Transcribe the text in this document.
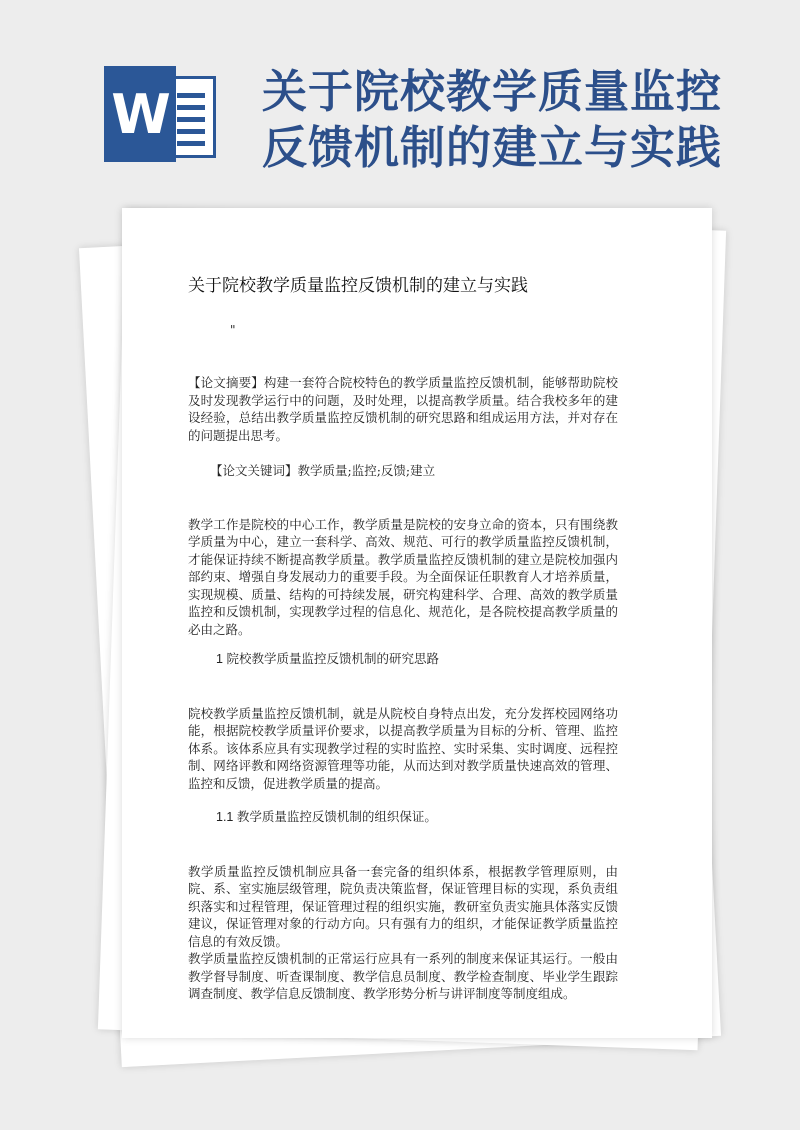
W 关于院校教学质量监控
反馈机制的建立与实践

关于院校教学质量监控反馈机制的建立与实践

"

【论文摘要】构建一套符合院校特色的教学质量监控反馈机制，能够帮助院校及时发现教学运行中的问题，及时处理，以提高教学质量。结合我校多年的建设经验，总结出教学质量监控反馈机制的研究思路和组成运用方法，并对存在的问题提出思考。

【论文关键词】教学质量;监控;反馈;建立

教学工作是院校的中心工作，教学质量是院校的安身立命的资本，只有围绕教学质量为中心，建立一套科学、高效、规范、可行的教学质量监控反馈机制，才能保证持续不断提高教学质量。教学质量监控反馈机制的建立是院校加强内部约束、增强自身发展动力的重要手段。为全面保证任职教育人才培养质量，实现规模、质量、结构的可持续发展，研究构建科学、合理、高效的教学质量监控和反馈机制，实现教学过程的信息化、规范化，是各院校提高教学质量的必由之路。

1 院校教学质量监控反馈机制的研究思路

院校教学质量监控反馈机制，就是从院校自身特点出发，充分发挥校园网络功能，根据院校教学质量评价要求，以提高教学质量为目标的分析、管理、监控体系。该体系应具有实现教学过程的实时监控、实时采集、实时调度、远程控制、网络评教和网络资源管理等功能，从而达到对教学质量快速高效的管理、监控和反馈，促进教学质量的提高。

1.1 教学质量监控反馈机制的组织保证。

教学质量监控反馈机制应具备一套完备的组织体系，根据教学管理原则，由院、系、室实施层级管理，院负责决策监督，保证管理目标的实现，系负责组织落实和过程管理，保证管理过程的组织实施，教研室负责实施具体落实反馈建议，保证管理对象的行动方向。只有强有力的组织，才能保证教学质量监控信息的有效反馈。

教学质量监控反馈机制的正常运行应具有一系列的制度来保证其运行。一般由教学督导制度、听查课制度、教学信息员制度、教学检查制度、毕业学生跟踪调查制度、教学信息反馈制度、教学形势分析与讲评制度等制度组成。
